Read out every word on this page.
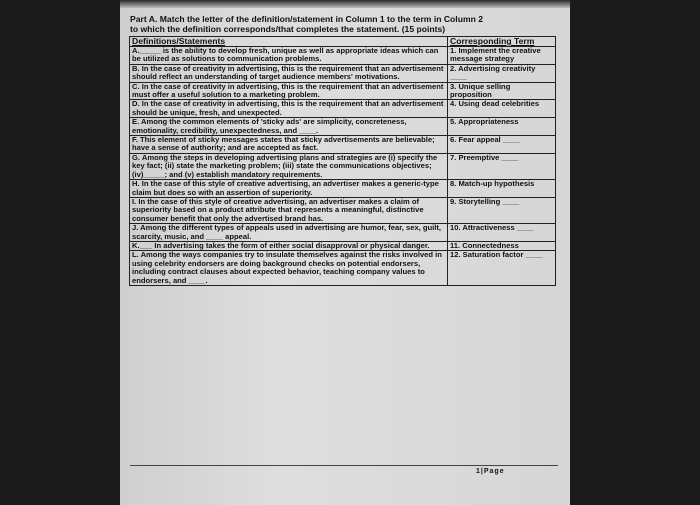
Part A. Match the letter of the definition/statement in Column 1 to the term in Column 2
to which the definition corresponds/that completes the statement. (15 points)
Definitions/Statements	Corresponding Term
A._____ is the ability to develop fresh, unique as well as appropriate ideas which can be utilized as solutions to communication problems.	1. Implement the creative message strategy
B. In the case of creativity in advertising, this is the requirement that an advertisement should reflect an understanding of target audience members' motivations.	2. Advertising creativity ____
C. In the case of creativity in advertising, this is the requirement that an advertisement must offer a useful solution to a marketing problem.	3. Unique selling proposition
D. In the case of creativity in advertising, this is the requirement that an advertisement should be unique, fresh, and unexpected.	4. Using dead celebrities
E. Among the common elements of 'sticky ads' are simplicity, concreteness, emotionality, credibility, unexpectedness, and ____.	5. Appropriateness
F. This element of sticky messages states that sticky advertisements are believable; have a sense of authority; and are accepted as fact.	6. Fear appeal ____
G. Among the steps in developing advertising plans and strategies are (i) specify the key fact; (ii) state the marketing problem; (iii) state the communications objectives; (iv)_____; and (v) establish mandatory requirements.	7. Preemptive ____
H. In the case of this style of creative advertising, an advertiser makes a generic-type claim but does so with an assertion of superiority.	8. Match-up hypothesis
I. In the case of this style of creative advertising, an advertiser makes a claim of superiority based on a product attribute that represents a meaningful, distinctive consumer benefit that only the advertised brand has.	9. Storytelling ____
J. Among the different types of appeals used in advertising are humor, fear, sex, guilt, scarcity, music, and ____ appeal.	10. Attractiveness ____
K.___ In advertising takes the form of either social disapproval or physical danger.	11. Connectedness
L. Among the ways companies try to insulate themselves against the risks involved in using celebrity endorsers are doing background checks on potential endorsers, including contract clauses about expected behavior, teaching company values to endorsers, and ____.	12. Saturation factor ____
1|Page
